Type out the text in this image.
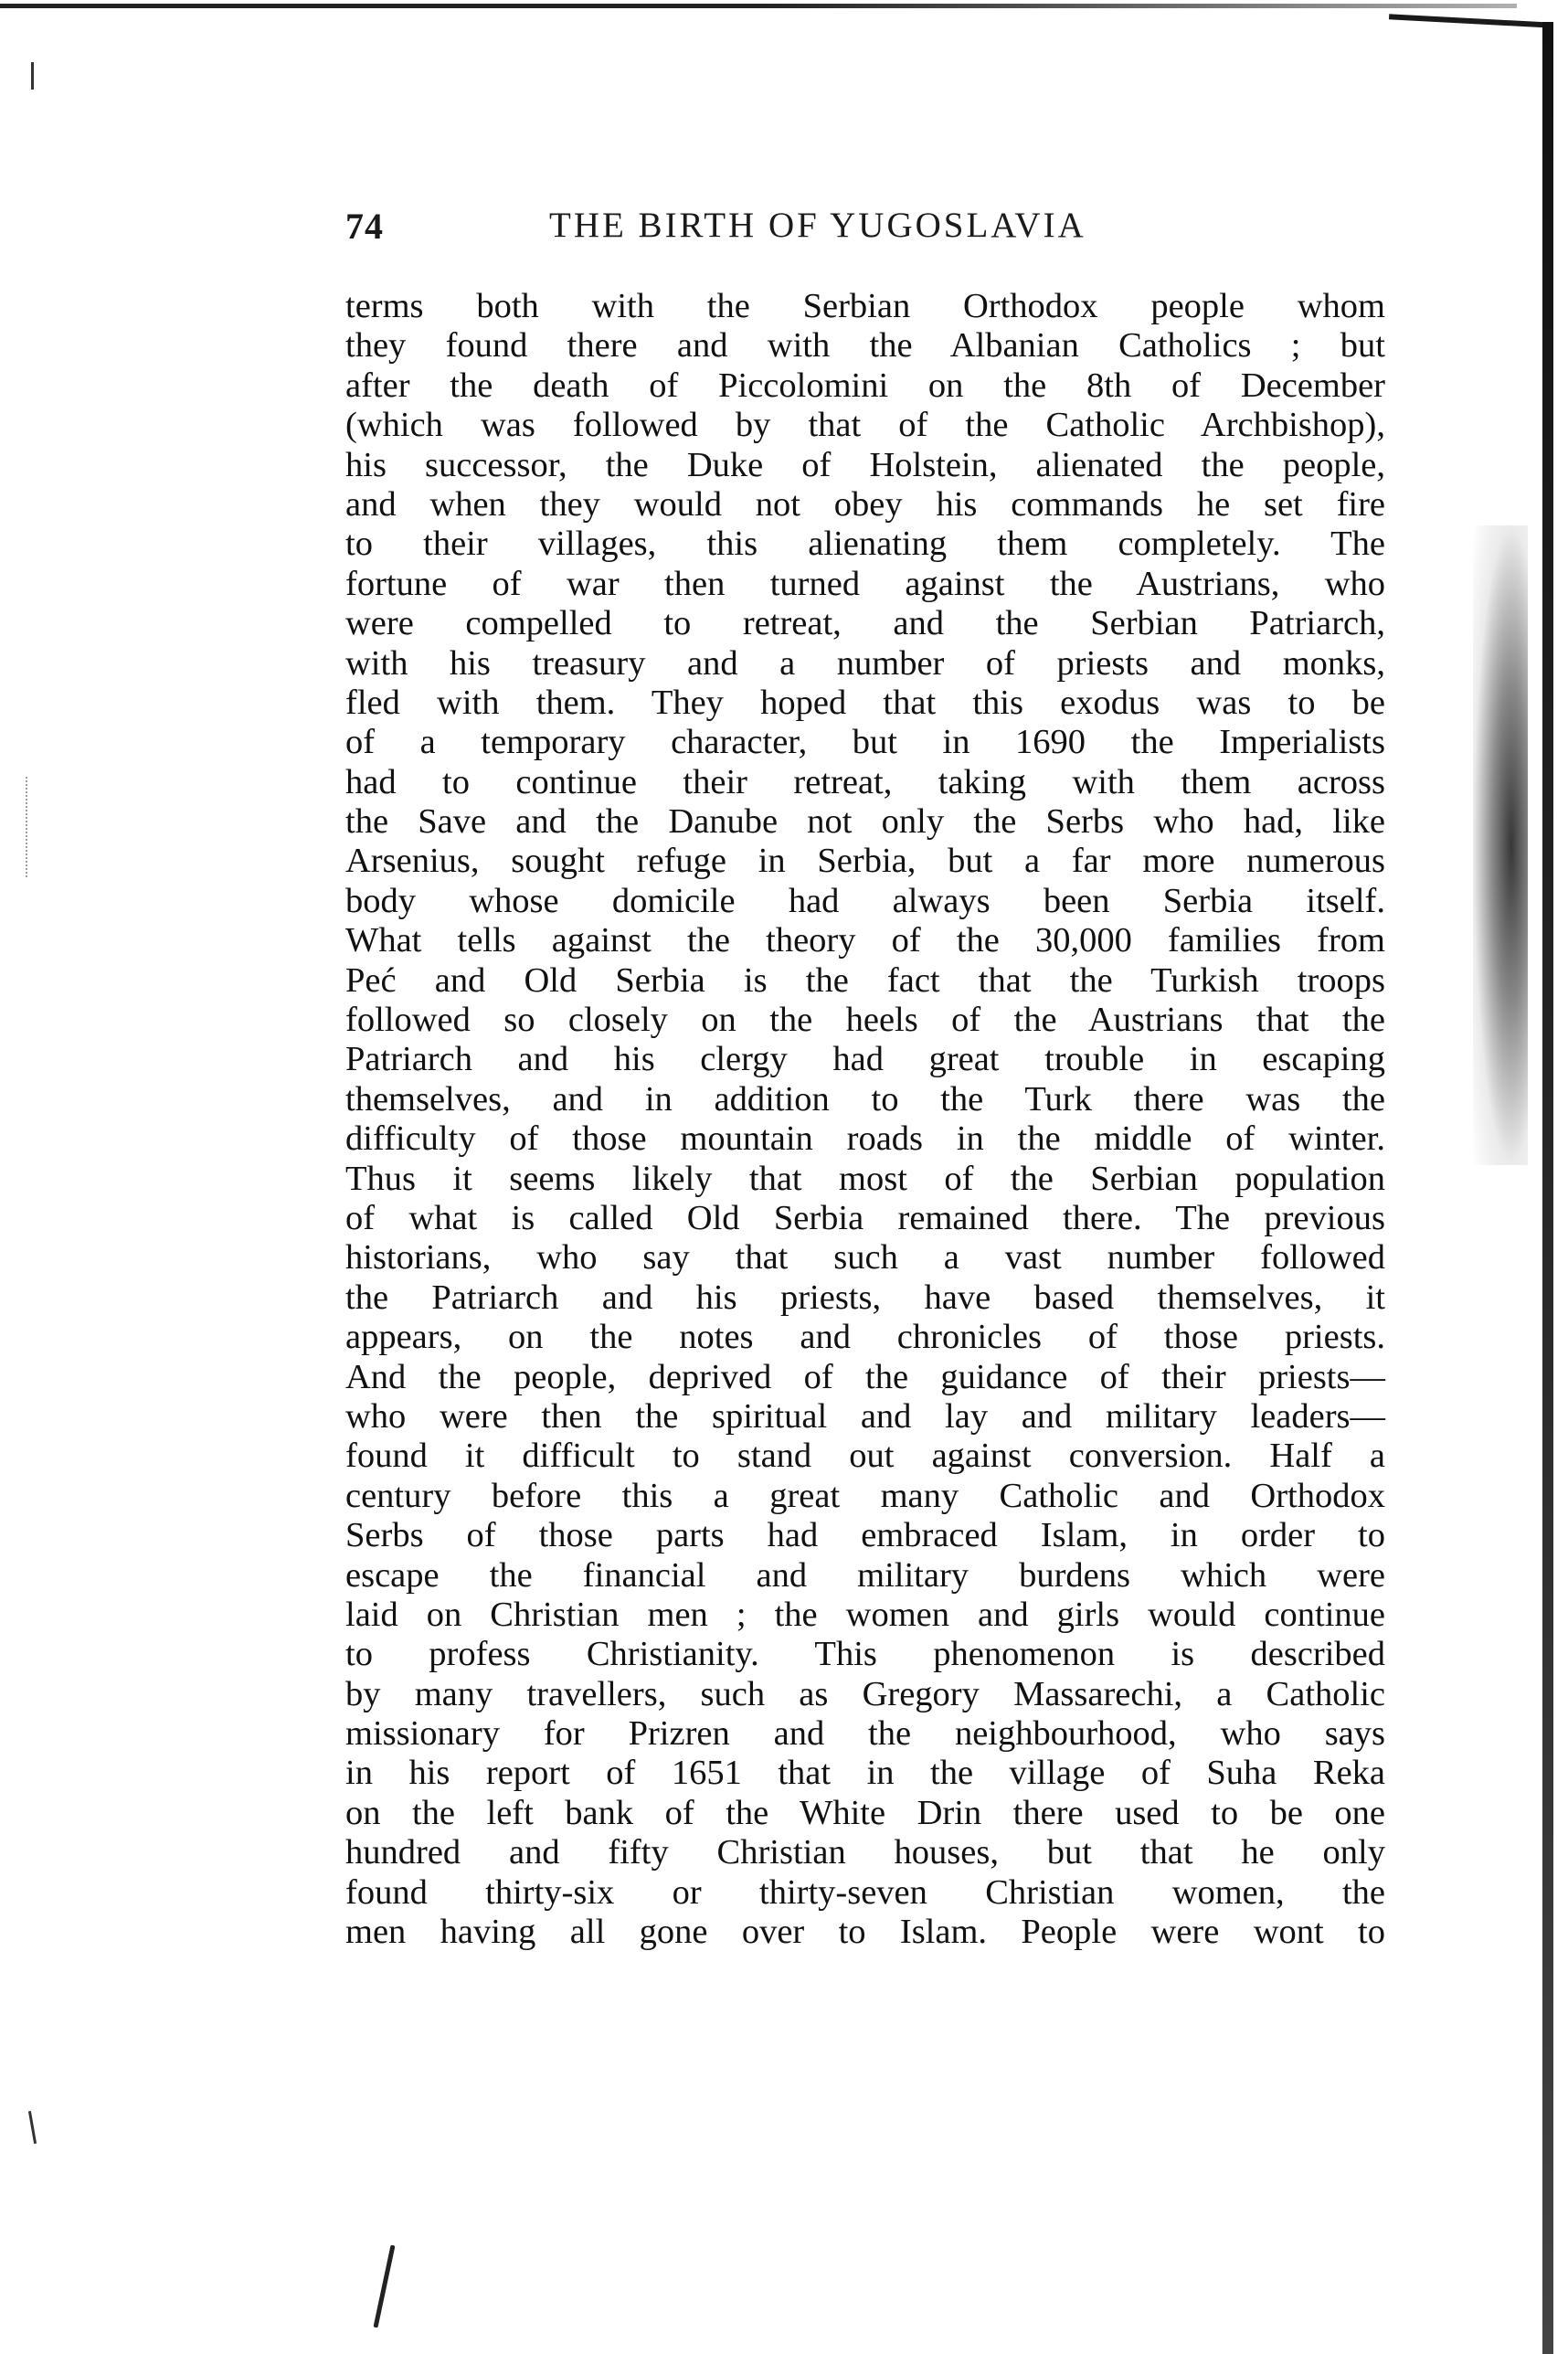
74	THE BIRTH OF YUGOSLAVIA
terms both with the Serbian Orthodox people whom
they found there and with the Albanian Catholics ; but
after the death of Piccolomini on the 8th of December
(which was followed by that of the Catholic Archbishop),
his successor, the Duke of Holstein, alienated the people,
and when they would not obey his commands he set fire
to their villages, this alienating them completely. The
fortune of war then turned against the Austrians, who
were compelled to retreat, and the Serbian Patriarch,
with his treasury and a number of priests and monks,
fled with them. They hoped that this exodus was to be
of a temporary character, but in 1690 the Imperialists
had to continue their retreat, taking with them across
the Save and the Danube not only the Serbs who had, like
Arsenius, sought refuge in Serbia, but a far more numerous
body whose domicile had always been Serbia itself.
What tells against the theory of the 30,000 families from
Peć and Old Serbia is the fact that the Turkish troops
followed so closely on the heels of the Austrians that the
Patriarch and his clergy had great trouble in escaping
themselves, and in addition to the Turk there was the
difficulty of those mountain roads in the middle of winter.
Thus it seems likely that most of the Serbian population
of what is called Old Serbia remained there. The previous
historians, who say that such a vast number followed
the Patriarch and his priests, have based themselves, it
appears, on the notes and chronicles of those priests.
And the people, deprived of the guidance of their priests—
who were then the spiritual and lay and military leaders—
found it difficult to stand out against conversion. Half a
century before this a great many Catholic and Orthodox
Serbs of those parts had embraced Islam, in order to
escape the financial and military burdens which were
laid on Christian men ; the women and girls would continue
to profess Christianity. This phenomenon is described
by many travellers, such as Gregory Massarechi, a Catholic
missionary for Prizren and the neighbourhood, who says
in his report of 1651 that in the village of Suha Reka
on the left bank of the White Drin there used to be one
hundred and fifty Christian houses, but that he only
found thirty-six or thirty-seven Christian women, the
men having all gone over to Islam. People were wont to
